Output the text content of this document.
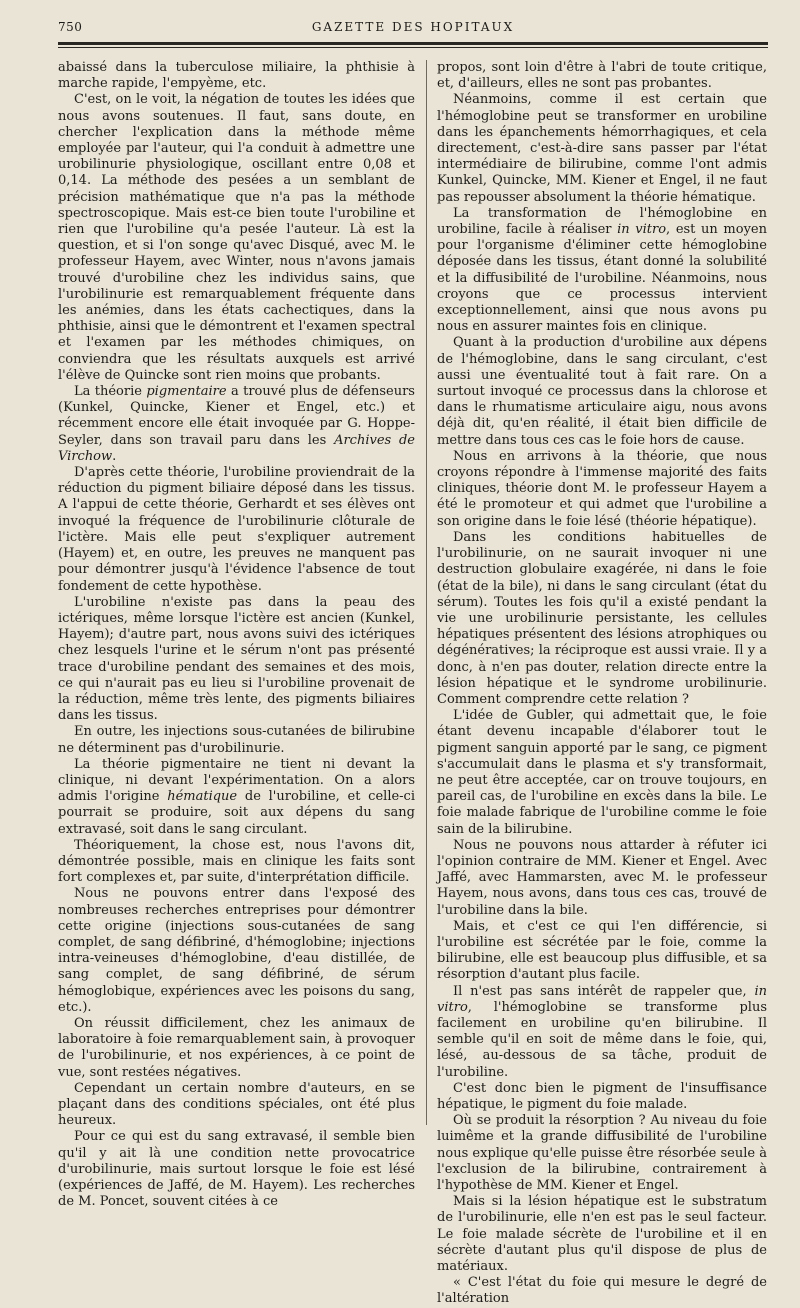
750	GAZETTE DES HOPITAUX

abaissé dans la tuberculose miliaire, la phthisie à marche rapide, l'empyème, etc.

C'est, on le voit, la négation de toutes les idées que nous avons soutenues. Il faut, sans doute, en chercher l'explication dans la méthode même employée par l'auteur, qui l'a conduit à admettre une urobilinurie physiologique, oscillant entre 0,08 et 0,14. La méthode des pesées a un semblant de précision mathématique que n'a pas la méthode spectroscopique. Mais est-ce bien toute l'urobiline et rien que l'urobiline qu'a pesée l'auteur. Là est la question, et si l'on songe qu'avec Disqué, avec M. le professeur Hayem, avec Winter, nous n'avons jamais trouvé d'urobiline chez les individus sains, que l'urobilinurie est remarquablement fréquente dans les anémies, dans les états cachectiques, dans la phthisie, ainsi que le démontrent et l'examen spectral et l'examen par les méthodes chimiques, on conviendra que les résultats auxquels est arrivé l'élève de Quincke sont rien moins que probants.

La théorie pigmentaire a trouvé plus de défenseurs (Kunkel, Quincke, Kiener et Engel, etc.) et récemment encore elle était invoquée par G. Hoppe-Seyler, dans son travail paru dans les Archives de Virchow.

D'après cette théorie, l'urobiline proviendrait de la réduction du pigment biliaire déposé dans les tissus. A l'appui de cette théorie, Gerhardt et ses élèves ont invoqué la fréquence de l'urobilinurie clôturale de l'ictère. Mais elle peut s'expliquer autrement (Hayem) et, en outre, les preuves ne manquent pas pour démontrer jusqu'à l'évidence l'absence de tout fondement de cette hypothèse.

L'urobiline n'existe pas dans la peau des ictériques, même lorsque l'ictère est ancien (Kunkel, Hayem); d'autre part, nous avons suivi des ictériques chez lesquels l'urine et le sérum n'ont pas présenté trace d'urobiline pendant des semaines et des mois, ce qui n'aurait pas eu lieu si l'urobiline provenait de la réduction, même très lente, des pigments biliaires dans les tissus.

En outre, les injections sous-cutanées de bilirubine ne déterminent pas d'urobilinurie.

La théorie pigmentaire ne tient ni devant la clinique, ni devant l'expérimentation. On a alors admis l'origine hématique de l'urobiline, et celle-ci pourrait se produire, soit aux dépens du sang extravasé, soit dans le sang circulant.

Théoriquement, la chose est, nous l'avons dit, démontrée possible, mais en clinique les faits sont fort complexes et, par suite, d'interprétation difficile.

Nous ne pouvons entrer dans l'exposé des nombreuses recherches entreprises pour démontrer cette origine (injections sous-cutanées de sang complet, de sang défibriné, d'hémoglobine; injections intra-veineuses d'hémoglobine, d'eau distillée, de sang complet, de sang défibriné, de sérum hémoglobique, expériences avec les poisons du sang, etc.).

On réussit difficilement, chez les animaux de laboratoire à foie remarquablement sain, à provoquer de l'urobilinurie, et nos expériences, à ce point de vue, sont restées négatives.

Cependant un certain nombre d'auteurs, en se plaçant dans des conditions spéciales, ont été plus heureux.

Pour ce qui est du sang extravasé, il semble bien qu'il y ait là une condition nette provocatrice d'urobilinurie, mais surtout lorsque le foie est lésé (expériences de Jaffé, de M. Hayem). Les recherches de M. Poncet, souvent citées à ce

propos, sont loin d'être à l'abri de toute critique, et, d'ailleurs, elles ne sont pas probantes.

Néanmoins, comme il est certain que l'hémoglobine peut se transformer en urobiline dans les épanchements hémorrhagiques, et cela directement, c'est-à-dire sans passer par l'état intermédiaire de bilirubine, comme l'ont admis Kunkel, Quincke, MM. Kiener et Engel, il ne faut pas repousser absolument la théorie hématique.

La transformation de l'hémoglobine en urobiline, facile à réaliser in vitro, est un moyen pour l'organisme d'éliminer cette hémoglobine déposée dans les tissus, étant donné la solubilité et la diffusibilité de l'urobiline. Néanmoins, nous croyons que ce processus intervient exceptionnellement, ainsi que nous avons pu nous en assurer maintes fois en clinique.

Quant à la production d'urobiline aux dépens de l'hémoglobine, dans le sang circulant, c'est aussi une éventualité tout à fait rare. On a surtout invoqué ce processus dans la chlorose et dans le rhumatisme articulaire aigu, nous avons déjà dit, qu'en réalité, il était bien difficile de mettre dans tous ces cas le foie hors de cause.

Nous en arrivons à la théorie, que nous croyons répondre à l'immense majorité des faits cliniques, théorie dont M. le professeur Hayem a été le promoteur et qui admet que l'urobiline a son origine dans le foie lésé (théorie hépatique).

Dans les conditions habituelles de l'urobilinurie, on ne saurait invoquer ni une destruction globulaire exagérée, ni dans le foie (état de la bile), ni dans le sang circulant (état du sérum). Toutes les fois qu'il a existé pendant la vie une urobilinurie persistante, les cellules hépatiques présentent des lésions atrophiques ou dégénératives; la réciproque est aussi vraie. Il y a donc, à n'en pas douter, relation directe entre la lésion hépatique et le syndrome urobilinurie. Comment comprendre cette relation ?

L'idée de Gubler, qui admettait que, le foie étant devenu incapable d'élaborer tout le pigment sanguin apporté par le sang, ce pigment s'accumulait dans le plasma et s'y transformait, ne peut être acceptée, car on trouve toujours, en pareil cas, de l'urobiline en excès dans la bile. Le foie malade fabrique de l'urobiline comme le foie sain de la bilirubine.

Nous ne pouvons nous attarder à réfuter ici l'opinion contraire de MM. Kiener et Engel. Avec Jaffé, avec Hammarsten, avec M. le professeur Hayem, nous avons, dans tous ces cas, trouvé de l'urobiline dans la bile.

Mais, et c'est ce qui l'en différencie, si l'urobiline est sécrétée par le foie, comme la bilirubine, elle est beaucoup plus diffusible, et sa résorption d'autant plus facile.

Il n'est pas sans intérêt de rappeler que, in vitro, l'hémoglobine se transforme plus facilement en urobiline qu'en bilirubine. Il semble qu'il en soit de même dans le foie, qui, lésé, au-dessous de sa tâche, produit de l'urobiline.

C'est donc bien le pigment de l'insuffisance hépatique, le pigment du foie malade.

Où se produit la résorption ? Au niveau du foie luimême et la grande diffusibilité de l'urobiline nous explique qu'elle puisse être résorbée seule à l'exclusion de la bilirubine, contrairement à l'hypothèse de MM. Kiener et Engel.

Mais si la lésion hépatique est le substratum de l'urobilinurie, elle n'en est pas le seul facteur. Le foie malade sécrète de l'urobiline et il en sécrète d'autant plus qu'il dispose de plus de matériaux.

« C'est l'état du foie qui mesure le degré de l'altération
